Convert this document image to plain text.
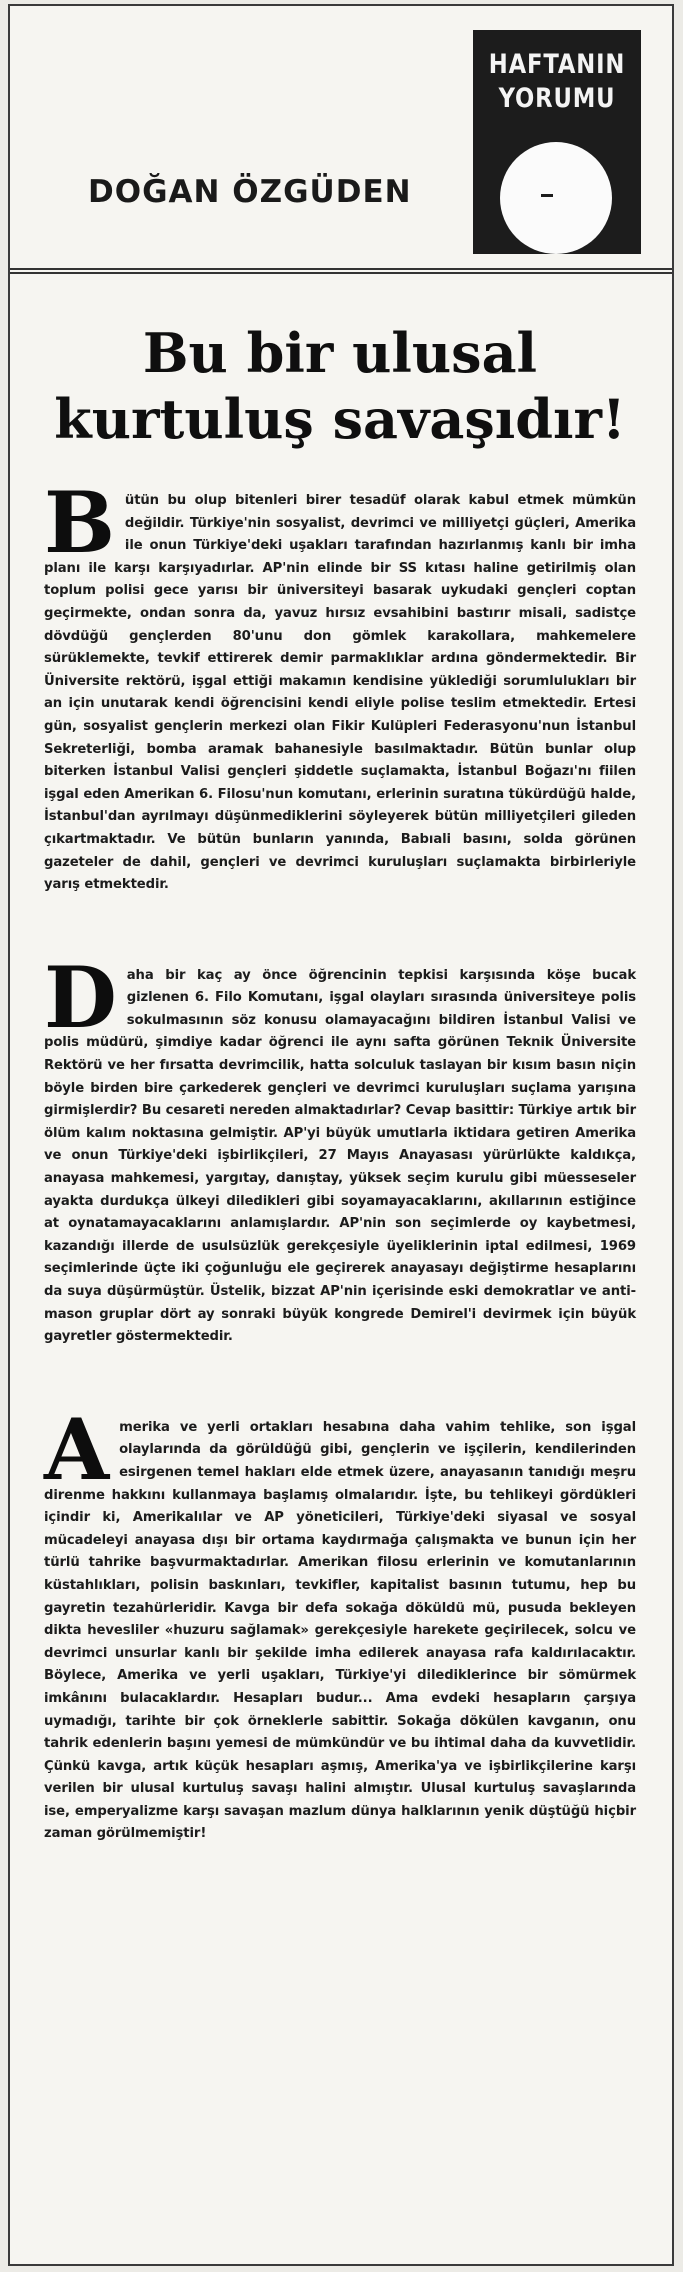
DOĞAN ÖZGÜDEN
HAFTANIN
YORUMU
Bu bir ulusal
kurtuluş savaşıdır!
B ütün bu olup bitenleri birer tesadüf olarak kabul etmek mümkün değildir. Türkiye'nin sosyalist, devrimci ve milliyetçi güçleri, Amerika ile onun Türkiye'deki uşakları tarafından hazırlanmış kanlı bir imha planı ile karşı karşıyadırlar. AP'nin elinde bir SS kıtası haline getirilmiş olan toplum polisi gece yarısı bir üniversiteyi basarak uykudaki gençleri coptan geçirmekte, ondan sonra da, yavuz hırsız evsahibini bastırır misali, sadistçe dövdüğü gençlerden 80'unu don gömlek karakollara, mahkemelere sürüklemekte, tevkif ettirerek demir parmaklıklar ardına göndermektedir. Bir Üniversite rektörü, işgal ettiği makamın kendisine yüklediği sorumlulukları bir an için unutarak kendi öğrencisini kendi eliyle polise teslim etmektedir. Ertesi gün, sosyalist gençlerin merkezi olan Fikir Kulüpleri Federasyonu'nun İstanbul Sekreterliği, bomba aramak bahanesiyle basılmaktadır. Bütün bunlar olup biterken İstanbul Valisi gençleri şiddetle suçlamakta, İstanbul Boğazı'nı fiilen işgal eden Amerikan 6. Filosu'nun komutanı, erlerinin suratına tükürdüğü halde, İstanbul'dan ayrılmayı düşünmediklerini söyleyerek bütün milliyetçileri gileden çıkartmaktadır. Ve bütün bunların yanında, Babıali basını, solda görünen gazeteler de dahil, gençleri ve devrimci kuruluşları suçlamakta birbirleriyle yarış etmektedir.
D aha bir kaç ay önce öğrencinin tepkisi karşısında köşe bucak gizlenen 6. Filo Komutanı, işgal olayları sırasında üniversiteye polis sokulmasının söz konusu olamayacağını bildiren İstanbul Valisi ve polis müdürü, şimdiye kadar öğrenci ile aynı safta görünen Teknik Üniversite Rektörü ve her fırsatta devrimcilik, hatta solculuk taslayan bir kısım basın niçin böyle birden bire çarkederek gençleri ve devrimci kuruluşları suçlama yarışına girmişlerdir? Bu cesareti nereden almaktadırlar? Cevap basittir: Türkiye artık bir ölüm kalım noktasına gelmiştir. AP'yi büyük umutlarla iktidara getiren Amerika ve onun Türkiye'deki işbirlikçileri, 27 Mayıs Anayasası yürürlükte kaldıkça, anayasa mahkemesi, yargıtay, danıştay, yüksek seçim kurulu gibi müesseseler ayakta durdukça ülkeyi diledikleri gibi soyamayacaklarını, akıllarının estiğince at oynatamayacaklarını anlamışlardır. AP'nin son seçimlerde oy kaybetmesi, kazandığı illerde de usulsüzlük gerekçesiyle üyeliklerinin iptal edilmesi, 1969 seçimlerinde üçte iki çoğunluğu ele geçirerek anayasayı değiştirme hesaplarını da suya düşürmüştür. Üstelik, bizzat AP'nin içerisinde eski demokratlar ve anti-mason gruplar dört ay sonraki büyük kongrede Demirel'i devirmek için büyük gayretler göstermektedir.
A merika ve yerli ortakları hesabına daha vahim tehlike, son işgal olaylarında da görüldüğü gibi, gençlerin ve işçilerin, kendilerinden esirgenen temel hakları elde etmek üzere, anayasanın tanıdığı meşru direnme hakkını kullanmaya başlamış olmalarıdır. İşte, bu tehlikeyi gördükleri içindir ki, Amerikalılar ve AP yöneticileri, Türkiye'deki siyasal ve sosyal mücadeleyi anayasa dışı bir ortama kaydırmağa çalışmakta ve bunun için her türlü tahrike başvurmaktadırlar. Amerikan filosu erlerinin ve komutanlarının küstahlıkları, polisin baskınları, tevkifler, kapitalist basının tutumu, hep bu gayretin tezahürleridir. Kavga bir defa sokağa döküldü mü, pusuda bekleyen dikta hevesliler «huzuru sağlamak» gerekçesiyle harekete geçirilecek, solcu ve devrimci unsurlar kanlı bir şekilde imha edilerek anayasa rafa kaldırılacaktır. Böylece, Amerika ve yerli uşakları, Türkiye'yi dilediklerince bir sömürmek imkânını bulacaklardır. Hesapları budur... Ama evdeki hesapların çarşıya uymadığı, tarihte bir çok örneklerle sabittir. Sokağa dökülen kavganın, onu tahrik edenlerin başını yemesi de mümkündür ve bu ihtimal daha da kuvvetlidir. Çünkü kavga, artık küçük hesapları aşmış, Amerika'ya ve işbirlikçilerine karşı verilen bir ulusal kurtuluş savaşı halini almıştır. Ulusal kurtuluş savaşlarında ise, emperyalizme karşı savaşan mazlum dünya halklarının yenik düştüğü hiçbir zaman görülmemiştir!
